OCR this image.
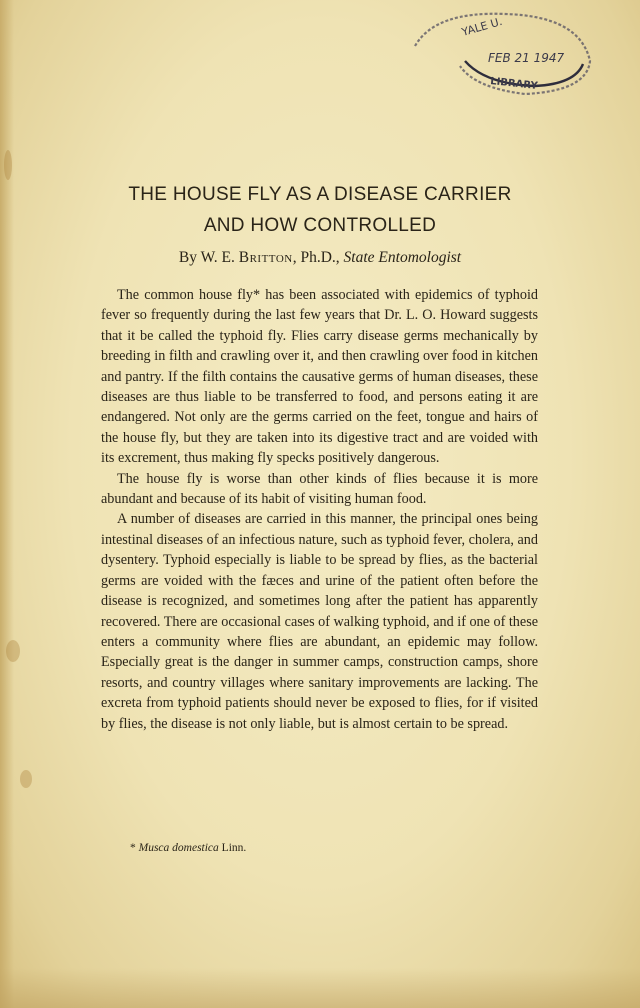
YALE U.
FEB 21 1947
LIBRARY
THE HOUSE FLY AS A DISEASE CARRIER
AND HOW CONTROLLED
By W. E. Britton, Ph.D., State Entomologist

The common house fly* has been associated with epidemics of typhoid fever so frequently during the last few years that Dr. L. O. Howard suggests that it be called the typhoid fly. Flies carry disease germs mechanically by breeding in filth and crawling over it, and then crawling over food in kitchen and pantry. If the filth contains the causative germs of human diseases, these diseases are thus liable to be transferred to food, and persons eating it are endangered. Not only are the germs carried on the feet, tongue and hairs of the house fly, but they are taken into its digestive tract and are voided with its excrement, thus making fly specks positively dangerous.

The house fly is worse than other kinds of flies because it is more abundant and because of its habit of visiting human food.

A number of diseases are carried in this manner, the principal ones being intestinal diseases of an infectious nature, such as typhoid fever, cholera, and dysentery. Typhoid especially is liable to be spread by flies, as the bacterial germs are voided with the fæces and urine of the patient often before the disease is recognized, and sometimes long after the patient has apparently recovered. There are occasional cases of walking typhoid, and if one of these enters a community where flies are abundant, an epidemic may follow. Especially great is the danger in summer camps, construction camps, shore resorts, and country villages where sanitary improvements are lacking. The excreta from typhoid patients should never be exposed to flies, for if visited by flies, the disease is not only liable, but is almost certain to be spread.

* Musca domestica Linn.
